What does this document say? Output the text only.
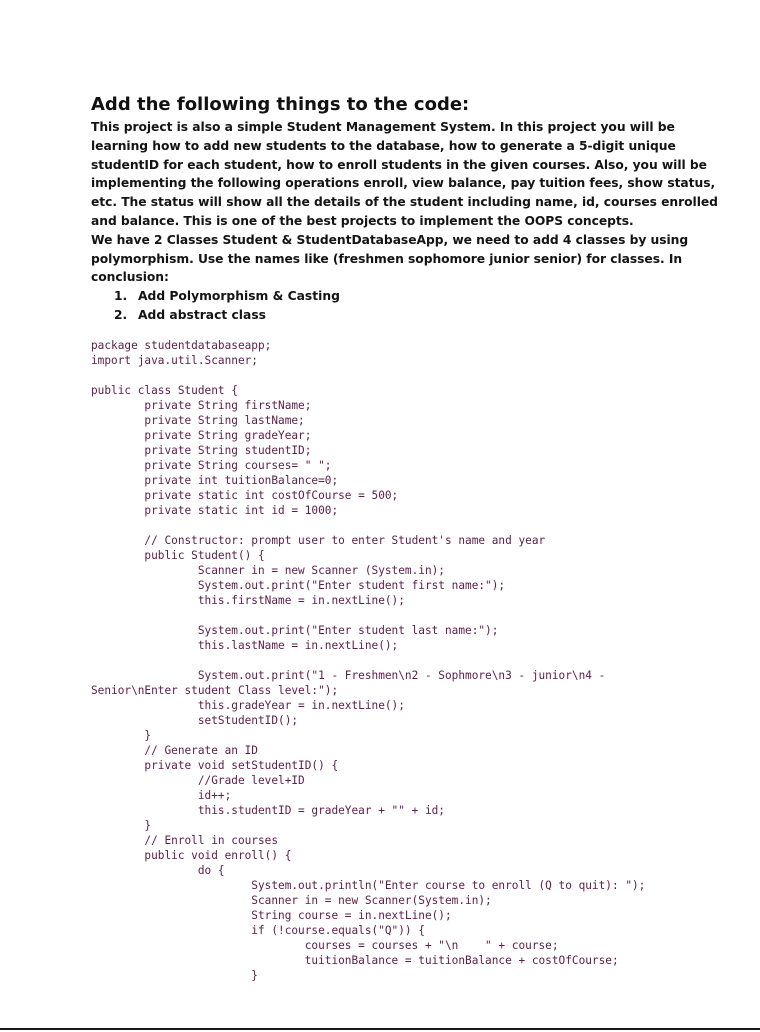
Add the following things to the code:
This project is also a simple Student Management System. In this project you will be
learning how to add new students to the database, how to generate a 5-digit unique
studentID for each student, how to enroll students in the given courses. Also, you will be
implementing the following operations enroll, view balance, pay tuition fees, show status,
etc. The status will show all the details of the student including name, id, courses enrolled
and balance. This is one of the best projects to implement the OOPS concepts.
We have 2 Classes Student & StudentDatabaseApp, we need to add 4 classes by using
polymorphism. Use the names like (freshmen sophomore junior senior) for classes. In
conclusion:
1. Add Polymorphism & Casting
2. Add abstract class
package studentdatabaseapp;
import java.util.Scanner;
public class Student {
private String firstName;
private String lastName;
private String gradeYear;
private String studentID;
private String courses= " ";
private int tuitionBalance=0;
private static int costOfCourse = 500;
private static int id = 1000;
// Constructor: prompt user to enter Student's name and year
public Student() {
Scanner in = new Scanner (System.in);
System.out.print("Enter student first name:");
this.firstName = in.nextLine();
System.out.print("Enter student last name:");
this.lastName = in.nextLine();
System.out.print("1 - Freshmen\n2 - Sophmore\n3 - junior\n4 -
Senior\nEnter student Class level:");
this.gradeYear = in.nextLine();
setStudentID();
}
// Generate an ID
private void setStudentID() {
//Grade level+ID
id++;
this.studentID = gradeYear + "" + id;
}
// Enroll in courses
public void enroll() {
do {
System.out.println("Enter course to enroll (Q to quit): ");
Scanner in = new Scanner(System.in);
String course = in.nextLine();
if (!course.equals("Q")) {
courses = courses + "\n    " + course;
tuitionBalance = tuitionBalance + costOfCourse;
}
